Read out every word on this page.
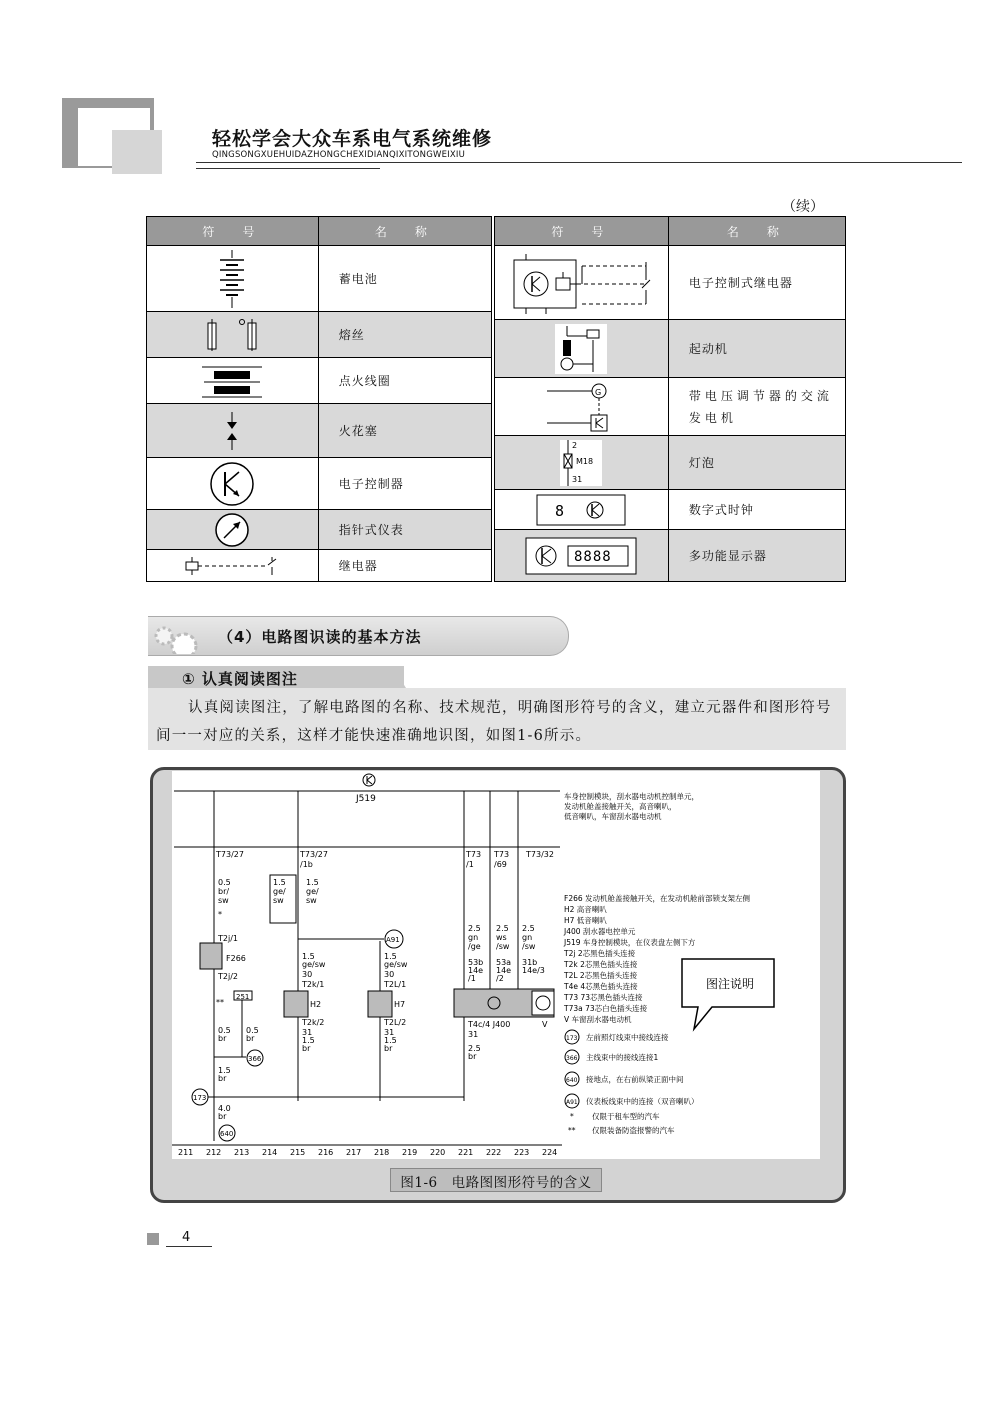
轻松学会大众车系电气系统维修
QINGSONGXUEHUIDAZHONGCHEXIDIANQIXITONGWEIXIU
（续）
符　号	名　称

	蓄电池

	熔丝

	点火线圈

	火花塞

	电子控制器

	指针式仪表

	继电器
符　号	名　称

	电子控制式继电器

	起动机

G	带电压调节器的交流发电机

2
M18
31	灯泡

8	数字式时钟

8888	多功能显示器
（4）电路图识读的基本方法
① 认真阅读图注
认真阅读图注，了解电路图的名称、技术规范，明确图形符号的含义，建立元器件和图形符号间一一对应的关系，这样才能快速准确地识图，如图1-6所示。
J519	车身控制模块，刮水器电动机控制单元，
发动机舱盖接触开关，高音喇叭，
低音喇叭，车窗刮水器电动机
T73/27	T73/27
/1b
T73
/1
T73
/69
T73/32
0.5
br/
sw
*
1.5
ge/
sw
1.5
ge/
sw
2.5
gn
/ge
2.5
ws
/sw
2.5
gn
/sw
T2j/1
F266
T2j/2
**
0.5
br
251
0.5
br
366
1.5
br
173
4.0
br
640
A91
1.5
ge/sw
30
T2k/1
H2
T2k/2
31
1.5
br
1.5
ge/sw
30
T2L/1
H7
T2L/2
31
1.5
br
53b
14e
/1
53a
14e
/2
31b
14e/3
V
T4c/4 J400
31
2.5
br
F266 发动机舱盖接触开关，在发动机舱前部锁支架左侧
H2 高音喇叭
H7 低音喇叭
J400 刮水器电控单元
J519 车身控制模块，在仪表盘左侧下方
T2j 2芯黑色插头连接
T2k 2芯黑色插头连接
T2L 2芯黑色插头连接
T4e 4芯黑色插头连接
T73 73芯黑色插头连接
T73a 73芯白色插头连接
V 车窗刮水器电动机
173 左前照灯线束中接线连接
366 主线束中的接线连接1
640 接地点，在右前纵梁正面中间
A91 仪表板线束中的连接（双音喇叭）
* 仅限于租车型的汽车
** 仅限装备防盗报警的汽车
图注说明
211 212 213 214 215 216 217 218 219 220 221 222 223 224
图1-6　电路图图形符号的含义
4
